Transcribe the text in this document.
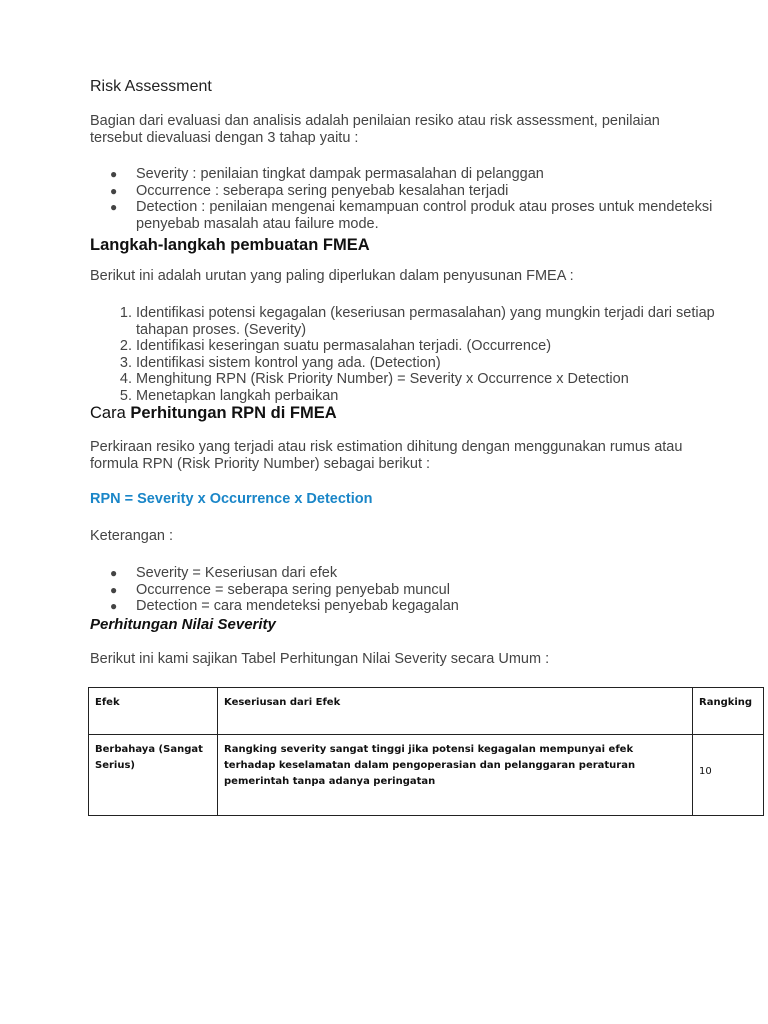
Risk Assessment
Bagian dari evaluasi dan analisis adalah penilaian resiko atau risk assessment, penilaian tersebut dievaluasi dengan 3 tahap yaitu :
● Severity : penilaian tingkat dampak permasalahan di pelanggan
● Occurrence : seberapa sering penyebab kesalahan terjadi
● Detection : penilaian mengenai kemampuan control produk atau proses untuk mendeteksi penyebab masalah atau failure mode.
Langkah-langkah pembuatan FMEA
Berikut ini adalah urutan yang paling diperlukan dalam penyusunan FMEA :
1. Identifikasi potensi kegagalan (keseriusan permasalahan) yang mungkin terjadi dari setiap tahapan proses. (Severity)
2. Identifikasi keseringan suatu permasalahan terjadi. (Occurrence)
3. Identifikasi sistem kontrol yang ada. (Detection)
4. Menghitung RPN (Risk Priority Number) = Severity x Occurrence x Detection
5. Menetapkan langkah perbaikan
Cara Perhitungan RPN di FMEA
Perkiraan resiko yang terjadi atau risk estimation dihitung dengan menggunakan rumus atau formula RPN (Risk Priority Number) sebagai berikut :
RPN = Severity x Occurrence x Detection
Keterangan :
● Severity = Keseriusan dari efek
● Occurrence = seberapa sering penyebab muncul
● Detection = cara mendeteksi penyebab kegagalan
Perhitungan Nilai Severity
Berikut ini kami sajikan Tabel Perhitungan Nilai Severity secara Umum :
Efek	Keseriusan dari Efek	Rangking
Berbahaya (Sangat Serius)	Rangking severity sangat tinggi jika potensi kegagalan mempunyai efek terhadap keselamatan dalam pengoperasian dan pelanggaran peraturan pemerintah tanpa adanya peringatan	10
